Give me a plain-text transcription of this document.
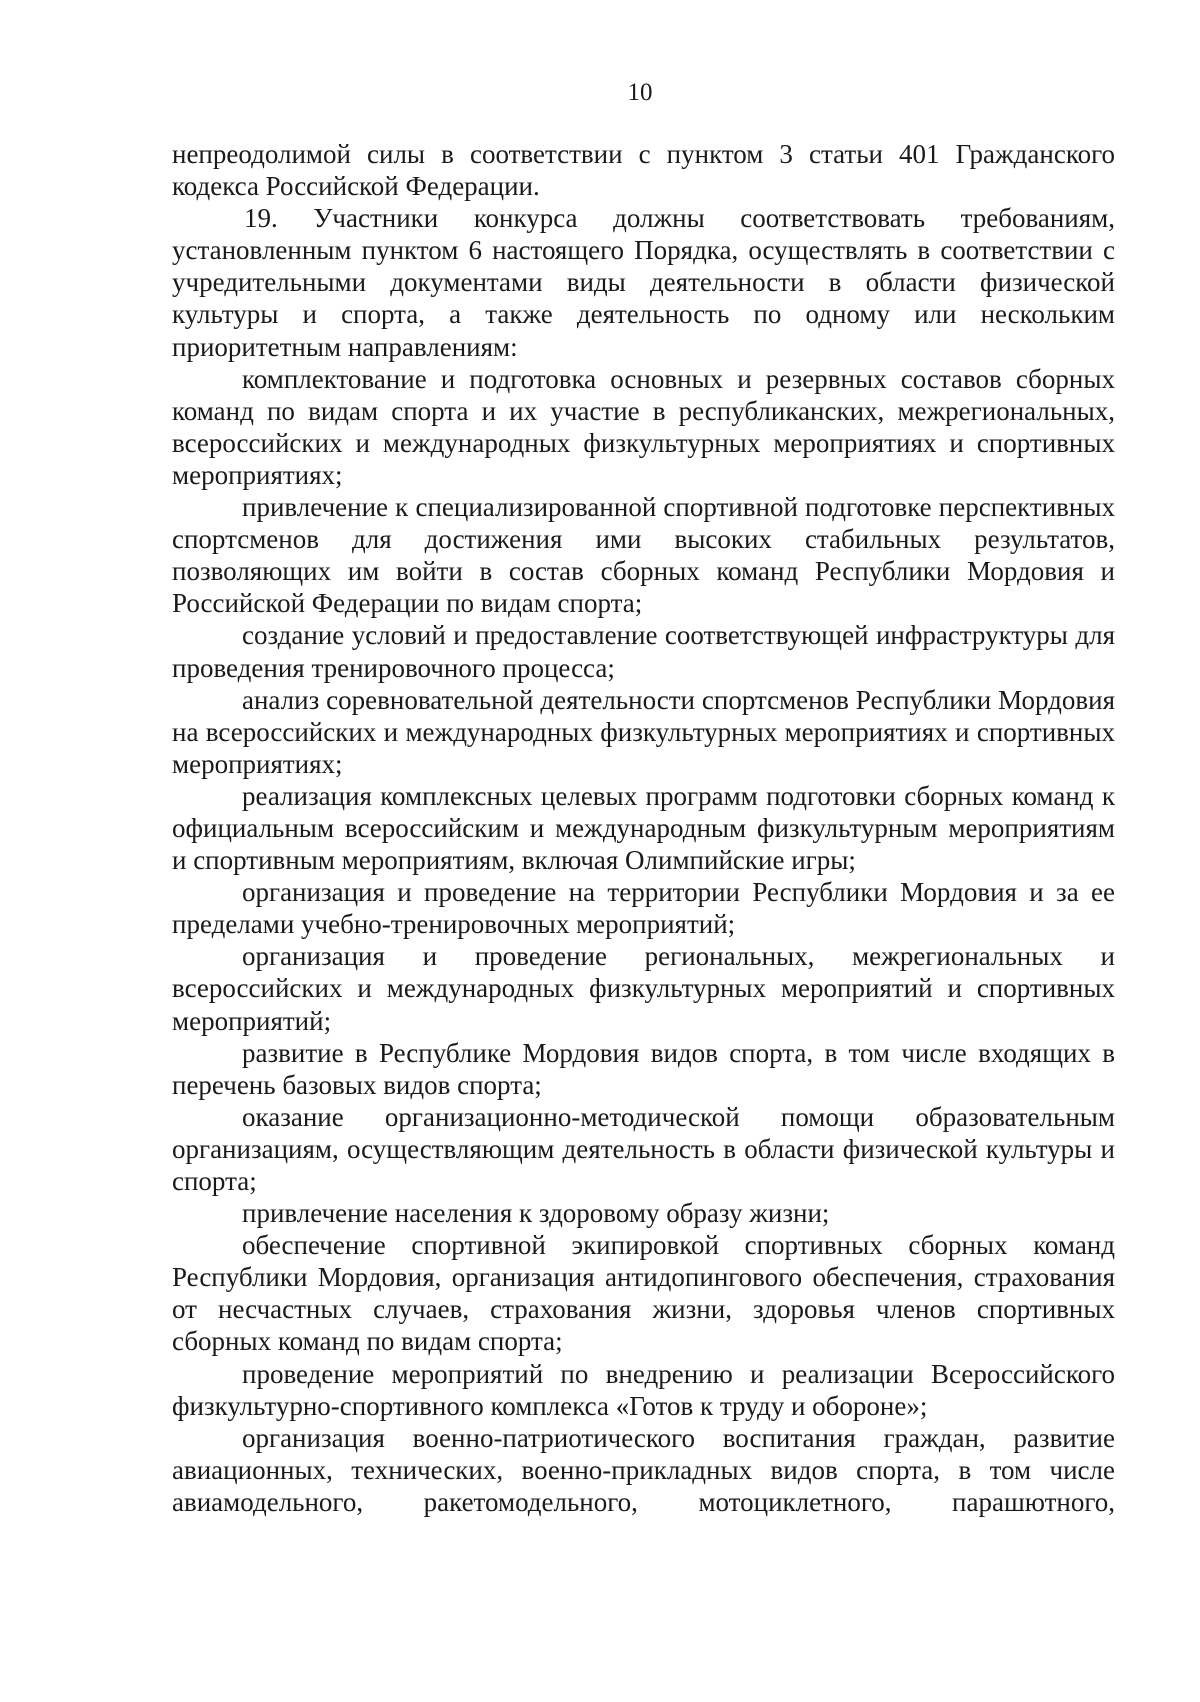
10

непреодолимой силы в соответствии с пунктом 3 статьи 401 Гражданского кодекса Российской Федерации.

19. Участники конкурса должны соответствовать требованиям, установленным пунктом 6 настоящего Порядка, осуществлять в соответствии с учредительными документами виды деятельности в области физической культуры и спорта, а также деятельность по одному или нескольким приоритетным направлениям:

комплектование и подготовка основных и резервных составов сборных команд по видам спорта и их участие в республиканских, межрегиональных, всероссийских и международных физкультурных мероприятиях и спортивных мероприятиях;

привлечение к специализированной спортивной подготовке перспективных спортсменов для достижения ими высоких стабильных результатов, позволяющих им войти в состав сборных команд Республики Мордовия и Российской Федерации по видам спорта;

создание условий и предоставление соответствующей инфраструктуры для проведения тренировочного процесса;

анализ соревновательной деятельности спортсменов Республики Мордовия на всероссийских и международных физкультурных мероприятиях и спортивных мероприятиях;

реализация комплексных целевых программ подготовки сборных команд к официальным всероссийским и международным физкультурным мероприятиям и спортивным мероприятиям, включая Олимпийские игры;

организация и проведение на территории Республики Мордовия и за ее пределами учебно-тренировочных мероприятий;

организация и проведение региональных, межрегиональных и всероссийских и международных физкультурных мероприятий и спортивных мероприятий;

развитие в Республике Мордовия видов спорта, в том числе входящих в перечень базовых видов спорта;

оказание организационно-методической помощи образовательным организациям, осуществляющим деятельность в области физической культуры и спорта;

привлечение населения к здоровому образу жизни;

обеспечение спортивной экипировкой спортивных сборных команд Республики Мордовия, организация антидопингового обеспечения, страхования от несчастных случаев, страхования жизни, здоровья членов спортивных сборных команд по видам спорта;

проведение мероприятий по внедрению и реализации Всероссийского физкультурно-спортивного комплекса «Готов к труду и обороне»;

организация военно-патриотического воспитания граждан, развитие авиационных, технических, военно-прикладных видов спорта, в том числе авиамодельного, ракетомодельного, мотоциклетного, парашютного,
